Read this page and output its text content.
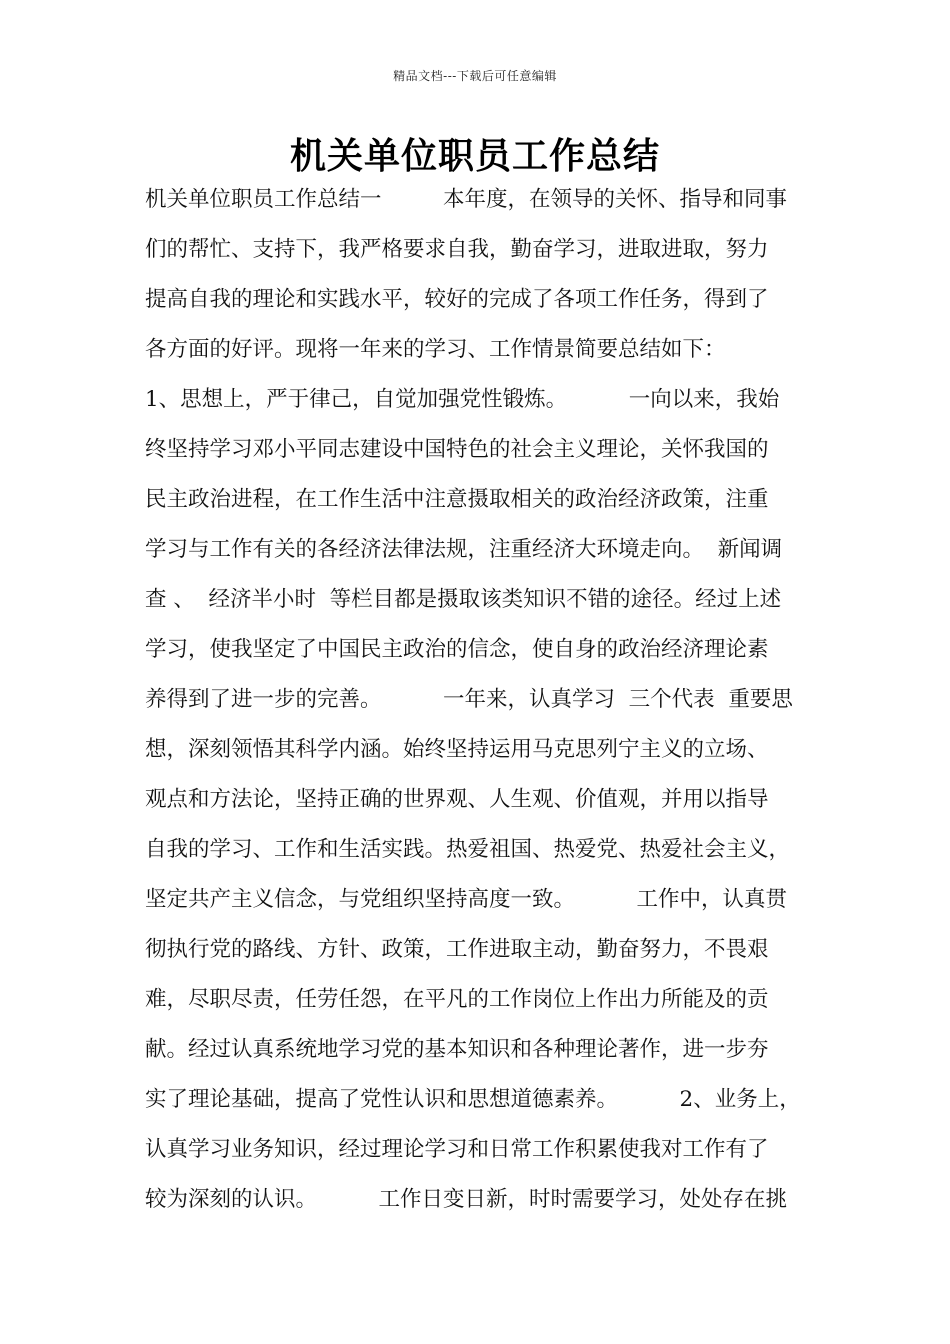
精品文档---下载后可任意编辑
机关单位职员工作总结
机关单位职员工作总结一         本年度，在领导的关怀、指导和同事
们的帮忙、支持下，我严格要求自我，勤奋学习，进取进取，努力
提高自我的理论和实践水平，较好的完成了各项工作任务，得到了
各方面的好评。现将一年来的学习、工作情景简要总结如下：
1、思想上，严于律己，自觉加强党性锻炼。         一向以来，我始
终坚持学习邓小平同志建设中国特色的社会主义理论，关怀我国的
民主政治进程，在工作生活中注意摄取相关的政治经济政策，注重
学习与工作有关的各经济法律法规，注重经济大环境走向。  新闻调
查 、  经济半小时  等栏目都是摄取该类知识不错的途径。经过上述
学习，使我坚定了中国民主政治的信念，使自身的政治经济理论素
养得到了进一步的完善。         一年来，认真学习  三个代表  重要思
想，深刻领悟其科学内涵。始终坚持运用马克思列宁主义的立场、
观点和方法论，坚持正确的世界观、人生观、价值观，并用以指导
自我的学习、工作和生活实践。热爱祖国、热爱党、热爱社会主义，
坚定共产主义信念，与党组织坚持高度一致。         工作中，认真贯
彻执行党的路线、方针、政策，工作进取主动，勤奋努力，不畏艰
难，尽职尽责，任劳任怨，在平凡的工作岗位上作出力所能及的贡
献。经过认真系统地学习党的基本知识和各种理论著作，进一步夯
实了理论基础，提高了党性认识和思想道德素养。         2、业务上，
认真学习业务知识，经过理论学习和日常工作积累使我对工作有了
较为深刻的认识。         工作日变日新，时时需要学习，处处存在挑
